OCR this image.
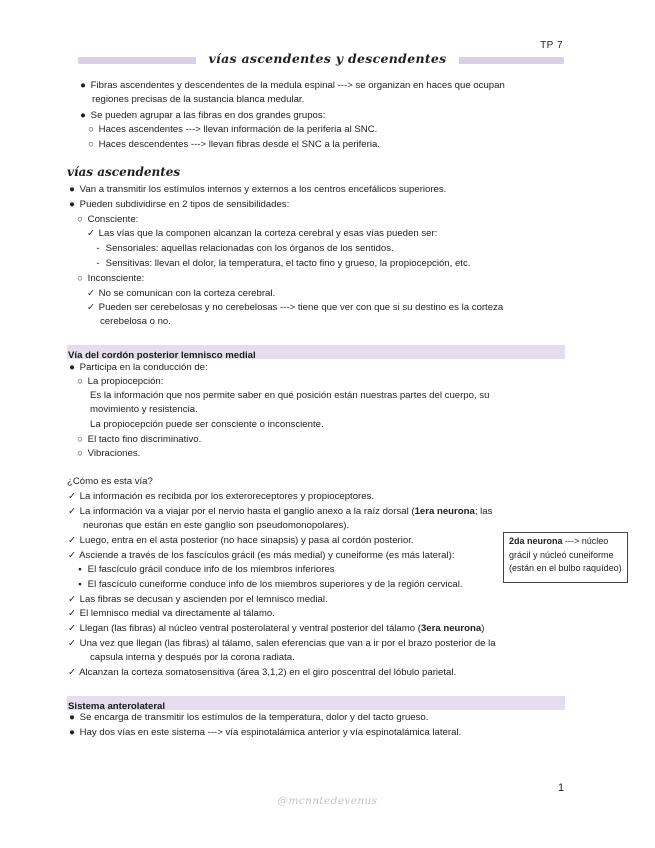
TP 7
vías ascendentes y descendentes
● Fibras ascendentes y descendentes de la medula espinal ---> se organizan en haces que ocupan
regiones precisas de la sustancia blanca medular.
● Se pueden agrupar a las fibras en dos grandes grupos:
○ Haces ascendentes ---> llevan información de la periferia al SNC.
○ Haces descendentes ---> llevan fibras desde el SNC a la periferia.
vías ascendentes
● Van a transmitir los estímulos internos y externos a los centros encefálicos superiores.
● Pueden subdividirse en 2 tipos de sensibilidades:
○ Consciente:
✓ Las vías que la componen alcanzan la corteza cerebral y esas vías pueden ser:
- Sensoriales: aquellas relacionadas con los órganos de los sentidos.
- Sensitivas: llevan el dolor, la temperatura, el tacto fino y grueso, la propiocepción, etc.
○ Inconsciente:
✓ No se comunican con la corteza cerebral.
✓ Pueden ser cerebelosas y no cerebelosas ---> tiene que ver con que si su destino es la corteza
cerebelosa o no.
Vía del cordón posterior lemnisco medial
● Participa en la conducción de:
○ La propiocepción:
Es la información que nos permite saber en qué posición están nuestras partes del cuerpo, su
movimiento y resistencia.
La propiocepción puede ser consciente o inconsciente.
○ El tacto fino discriminativo.
○ Vibraciones.
¿Cómo es esta vía?
✓ La información es recibida por los exteroreceptores y propioceptores.
✓ La información va a viajar por el nervio hasta el ganglio anexo a la raíz dorsal (1era neurona; las
neuronas que están en este ganglio son pseudomonopolares).
✓ Luego, entra en el asta posterior (no hace sinapsis) y pasa al cordón posterior.
✓ Asciende a través de los fascículos grácil (es más medial) y cuneiforme (es más lateral):
▪ El fascículo grácil conduce info de los miembros inferiores
▪ El fascículo cuneiforme conduce info de los miembros superiores y de la región cervical.
✓ Las fibras se decusan y ascienden por el lemnisco medial.
✓ El lemnisco medial va directamente al tálamo.
✓ Llegan (las fibras) al núcleo ventral posterolateral y ventral posterior del tálamo (3era neurona)
✓ Una vez que llegan (las fibras) al tálamo, salen eferencias que van a ir por el brazo posterior de la
capsula interna y después por la corona radiata.
✓ Alcanzan la corteza somatosensitiva (área 3,1,2) en el giro poscentral del lóbulo parietal.
2da neurona ---> núcleo grácil y núcleó cuneiforme (están en el bulbo raquídeo)
Sistema anterolateral
● Se encarga de transmitir los estímulos de la temperatura, dolor y del tacto grueso.
● Hay dos vías en este sistema ---> vía espinotalámica anterior y vía espinotalámica lateral.
1
@mcnntedevenus
